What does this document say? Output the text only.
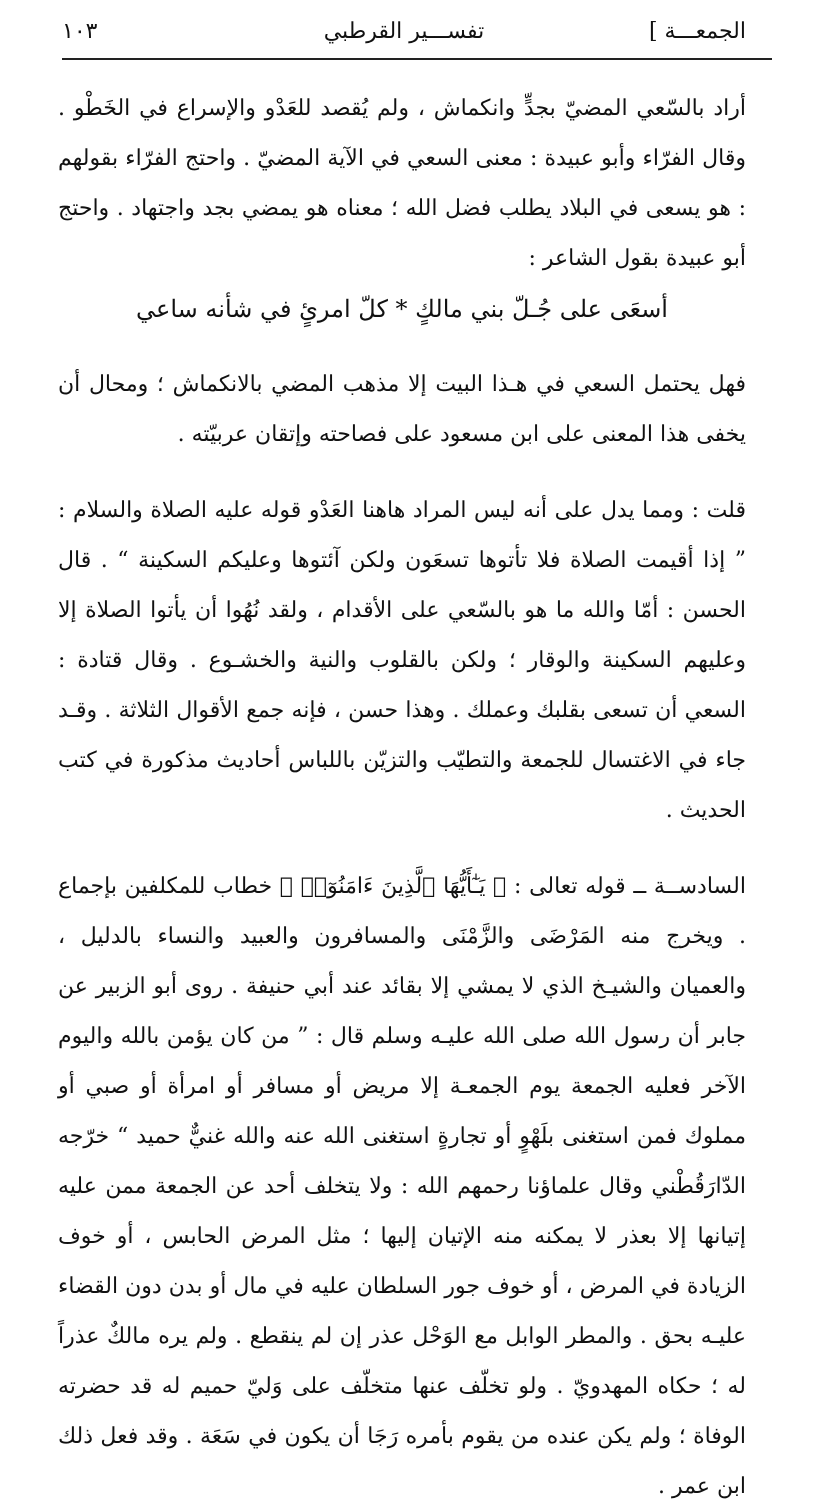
الجمعـــة ]
تفســـير القرطبي
١٠٣

أراد بالسّعي المضيّ بجدٍّ وانكماش ، ولم يُقصد للعَدْو والإسراع في الخَطْو . وقال الفرّاء وأبو عبيدة : معنى السعي في الآية المضيّ . واحتج الفرّاء بقولهم : هو يسعى في البلاد يطلب فضل الله ؛ معناه هو يمضي بجد واجتهاد . واحتج أبو عبيدة بقول الشاعر :

أسعَى على جُـلّ بني مالكٍ * كلّ امرئٍ في شأنه ساعي

فهل يحتمل السعي في هـذا البيت إلا مذهب المضي بالانكماش ؛ ومحال أن يخفى هذا المعنى على ابن مسعود على فصاحته وإتقان عربيّته .

قلت : ومما يدل على أنه ليس المراد هاهنا العَدْو قوله عليه الصلاة والسلام : ” إذا أقيمت الصلاة فلا تأتوها تسعَون ولكن آئتوها وعليكم السكينة “ . قال الحسن : أمّا والله ما هو بالسّعي على الأقدام ، ولقد نُهُوا أن يأتوا الصلاة إلا وعليهم السكينة والوقار ؛ ولكن بالقلوب والنية والخشـوع . وقال قتادة : السعي أن تسعى بقلبك وعملك . وهذا حسن ، فإنه جمع الأقوال الثلاثة . وقـد جاء في الاغتسال للجمعة والتطيّب والتزيّن باللباس أحاديث مذكورة في كتب الحديث .

السادســة ــ قوله تعالى : ﴿ يَـٰٓأَيُّهَا ٱلَّذِينَ ءَامَنُوٓا۟ ﴾ خطاب للمكلفين بإجماع . ويخرج منه المَرْضَى والزَّمْنَى والمسافرون والعبيد والنساء بالدليل ، والعميان والشيـخ الذي لا يمشي إلا بقائد عند أبي حنيفة . روى أبو الزبير عن جابر أن رسول الله صلى الله عليـه وسلم قال : ” من كان يؤمن بالله واليوم الآخر فعليه الجمعة يوم الجمعـة إلا مريض أو مسافر أو امرأة أو صبي أو مملوك فمن استغنى بلَهْوٍ أو تجارةٍ استغنى الله عنه والله غنيٌّ حميد “ خرّجه الدّارَقُطْني وقال علماؤنا رحمهم الله : ولا يتخلف أحد عن الجمعة ممن عليه إتيانها إلا بعذر لا يمكنه منه الإتيان إليها ؛ مثل المرض الحابس ، أو خوف الزيادة في المرض ، أو خوف جور السلطان عليه في مال أو بدن دون القضاء عليـه بحق . والمطر الوابل مع الوَحْل عذر إن لم ينقطع . ولم يره مالكٌ عذراً له ؛ حكاه المهدويّ . ولو تخلّف عنها متخلّف على وَليّ حميم له قد حضرته الوفاة ؛ ولم يكن عنده من يقوم بأمره رَجَا أن يكون في سَعَة . وقد فعل ذلك ابن عمر .
